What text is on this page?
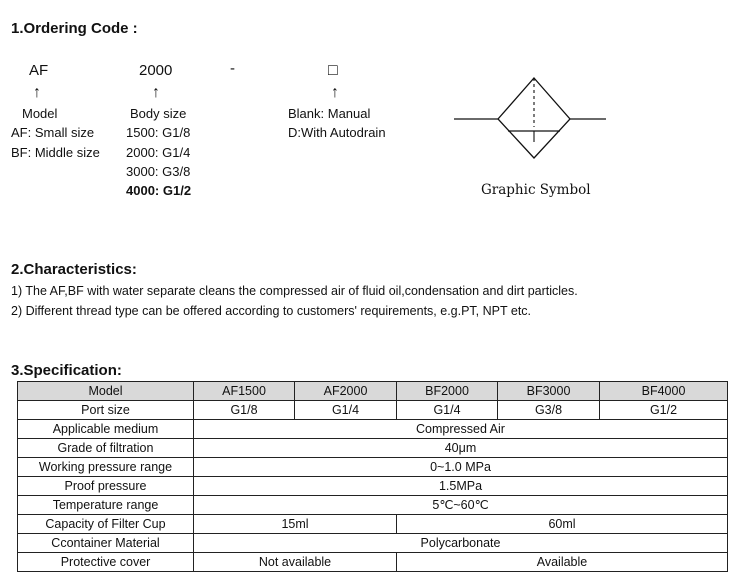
1.Ordering Code :
AF	2000	-	□
↑	↑	↑
Model
AF: Small size
BF: Middle size
Body size
1500: G1/8
2000: G1/4
3000: G3/8
4000: G1/2
Blank: Manual
D:With Autodrain
Graphic Symbol
2.Characteristics:
1) The AF,BF with water separate cleans the compressed air of fluid oil,condensation and dirt particles.
2) Different thread type can be offered according to customers' requirements, e.g.PT, NPT etc.
3.Specification:
Model	AF1500	AF2000	BF2000	BF3000	BF4000
Port size	G1/8	G1/4	G1/4	G3/8	G1/2
Applicable medium	Compressed Air				
Grade of filtration	40μm				
Working pressure range	0~1.0 MPa				
Proof pressure	1.5MPa				
Temperature range	5℃~60℃				
Capacity of Filter Cup	15ml		60ml		
Ccontainer Material	Polycarbonate				
Protective cover	Not available		Available		
